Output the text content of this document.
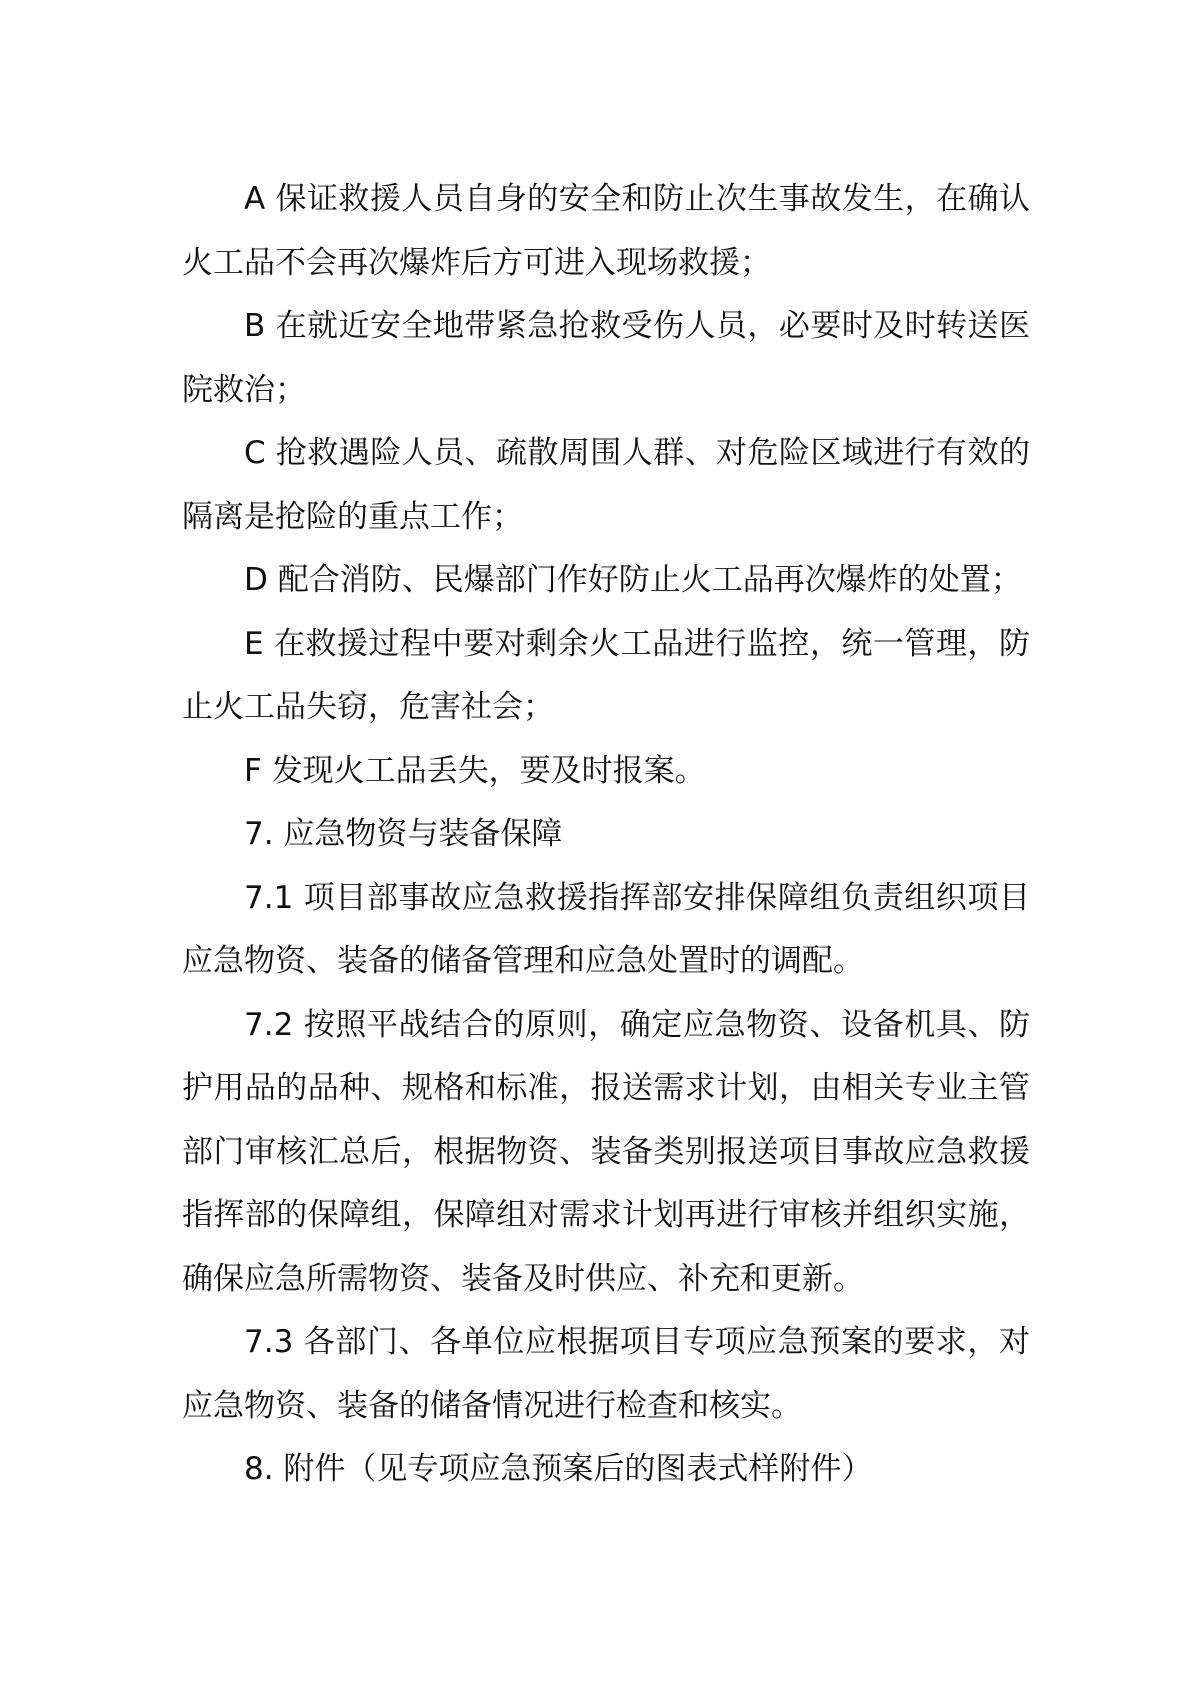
A 保证救援人员自身的安全和防止次生事故发生，在确认火工品不会再次爆炸后方可进入现场救援；

B 在就近安全地带紧急抢救受伤人员，必要时及时转送医院救治；

C 抢救遇险人员、疏散周围人群、对危险区域进行有效的隔离是抢险的重点工作；

D 配合消防、民爆部门作好防止火工品再次爆炸的处置；

E 在救援过程中要对剩余火工品进行监控，统一管理，防止火工品失窃，危害社会；

F 发现火工品丢失，要及时报案。

7. 应急物资与装备保障

7.1 项目部事故应急救援指挥部安排保障组负责组织项目应急物资、装备的储备管理和应急处置时的调配。

7.2 按照平战结合的原则，确定应急物资、设备机具、防护用品的品种、规格和标准，报送需求计划，由相关专业主管部门审核汇总后，根据物资、装备类别报送项目事故应急救援指挥部的保障组，保障组对需求计划再进行审核并组织实施，确保应急所需物资、装备及时供应、补充和更新。

7.3 各部门、各单位应根据项目专项应急预案的要求，对应急物资、装备的储备情况进行检查和核实。

8. 附件（见专项应急预案后的图表式样附件）
